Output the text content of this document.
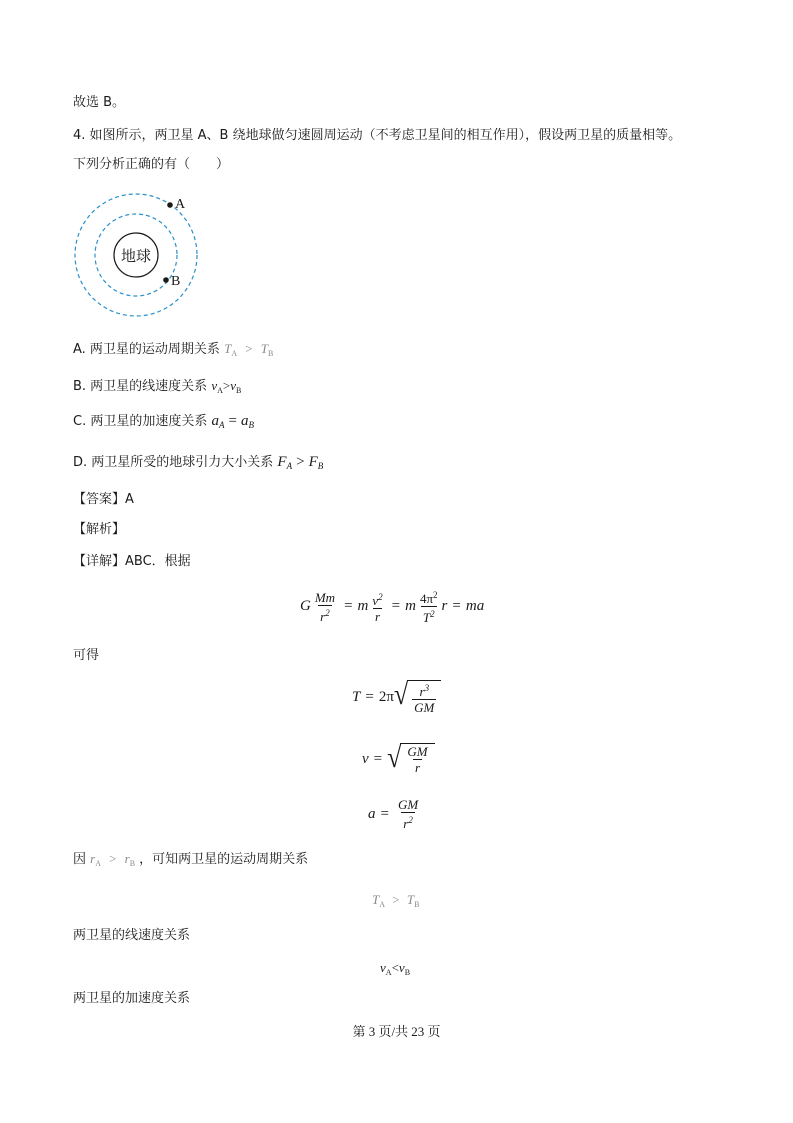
故选 B。
4. 如图所示，两卫星 A、B 绕地球做匀速圆周运动（不考虑卫星间的相互作用），假设两卫星的质量相等。
下列分析正确的有（　　）
地球
A
B
A. 两卫星的运动周期关系 $T_A > T_B$
B. 两卫星的线速度关系 $v_A>v_B$
C. 两卫星的加速度关系 $a_A = a_B$
D. 两卫星所受的地球引力大小关系 $F_A > F_B$
【答案】A
【解析】
【详解】ABC．根据
G $\frac{Mm}{r^2} = m \frac{v^2}{r} = m \frac{4\pi^2}{T^2}$ r = ma
可得
T = 2π √ $\frac{r^3}{GM}$
v = √ $\frac{GM}{r}$
$a = \frac{GM}{r^2}$
因 $r_A > r_B$ ，可知两卫星的运动周期关系
$T_A > T_B$
两卫星的线速度关系
$v_A<v_B$
两卫星的加速度关系
第 3 页/共 23 页
